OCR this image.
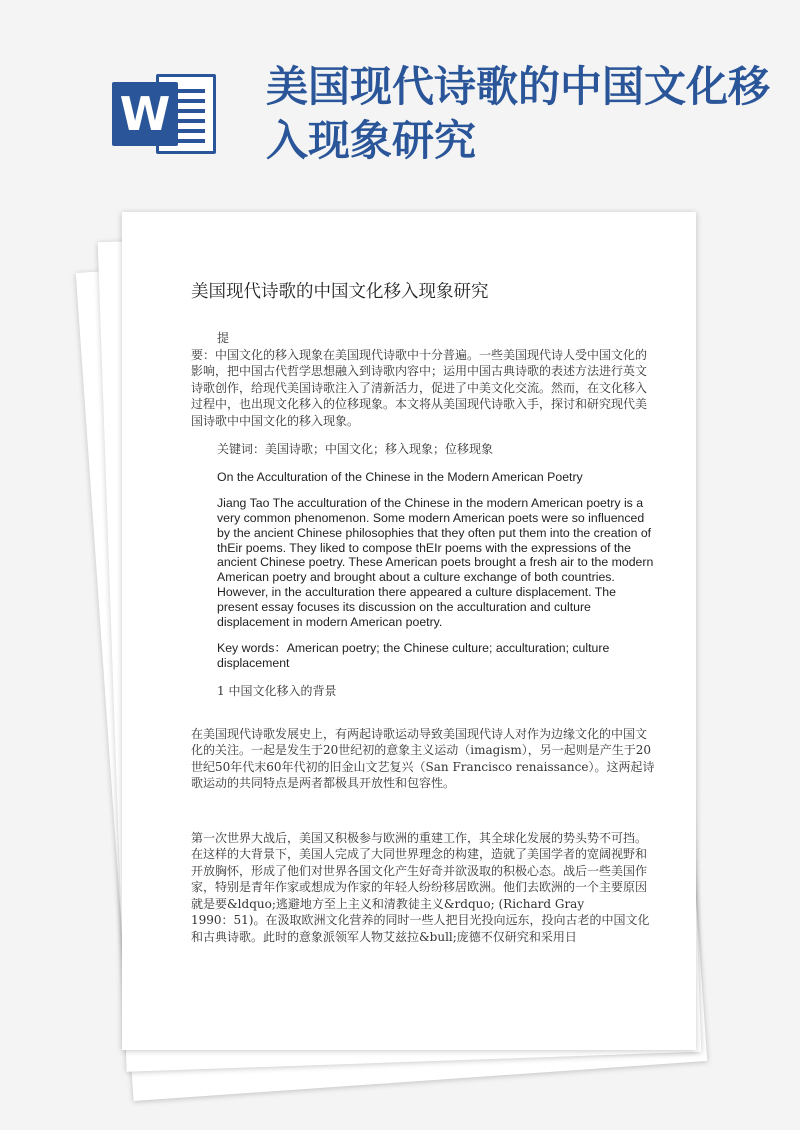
W
美国现代诗歌的中国文化移入现象研究
美国现代诗歌的中国文化移入现象研究

提

要：中国文化的移入现象在美国现代诗歌中十分普遍。一些美国现代诗人受中国文化的影响，把中国古代哲学思想融入到诗歌内容中；运用中国古典诗歌的表述方法进行英文诗歌创作，给现代美国诗歌注入了清新活力，促进了中美文化交流。然而，在文化移入过程中，也出现文化移入的位移现象。本文将从美国现代诗歌入手，探讨和研究现代美国诗歌中中国文化的移入现象。

关键词：美国诗歌；中国文化；移入现象；位移现象

On the Acculturation of the Chinese in the Modern American Poetry

Jiang Tao The acculturation of the Chinese in the modern American poetry is a very common phenomenon. Some modern American poets were so influenced by the ancient Chinese philosophies that they often put them into the creation of thEir poems. They liked to compose thEIr poems with the expressions of the ancient Chinese poetry. These American poets brought a fresh air to the modern American poetry and brought about a culture exchange of both countries. However, in the acculturation there appeared a culture displacement. The present essay focuses its discussion on the acculturation and culture displacement in modern American poetry.

Key words：American poetry; the Chinese culture; acculturation; culture displacement

1 中国文化移入的背景

在美国现代诗歌发展史上，有两起诗歌运动导致美国现代诗人对作为边缘文化的中国文化的关注。一起是发生于20世纪初的意象主义运动（imagism），另一起则是产生于20世纪50年代末60年代初的旧金山文艺复兴（San Francisco renaissance）。这两起诗歌运动的共同特点是两者都极具开放性和包容性。

第一次世界大战后，美国又积极参与欧洲的重建工作，其全球化发展的势头势不可挡。在这样的大背景下，美国人完成了大同世界理念的构建，造就了美国学者的宽阔视野和开放胸怀，形成了他们对世界各国文化产生好奇并欲汲取的积极心态。战后一些美国作家，特别是青年作家或想成为作家的年轻人纷纷移居欧洲。他们去欧洲的一个主要原因就是要&ldquo;逃避地方至上主义和清教徒主义&rdquo; (Richard Gray

1990：51)。在汲取欧洲文化营养的同时一些人把目光投向远东，投向古老的中国文化和古典诗歌。此时的意象派领军人物艾兹拉&bull;庞德不仅研究和采用日
